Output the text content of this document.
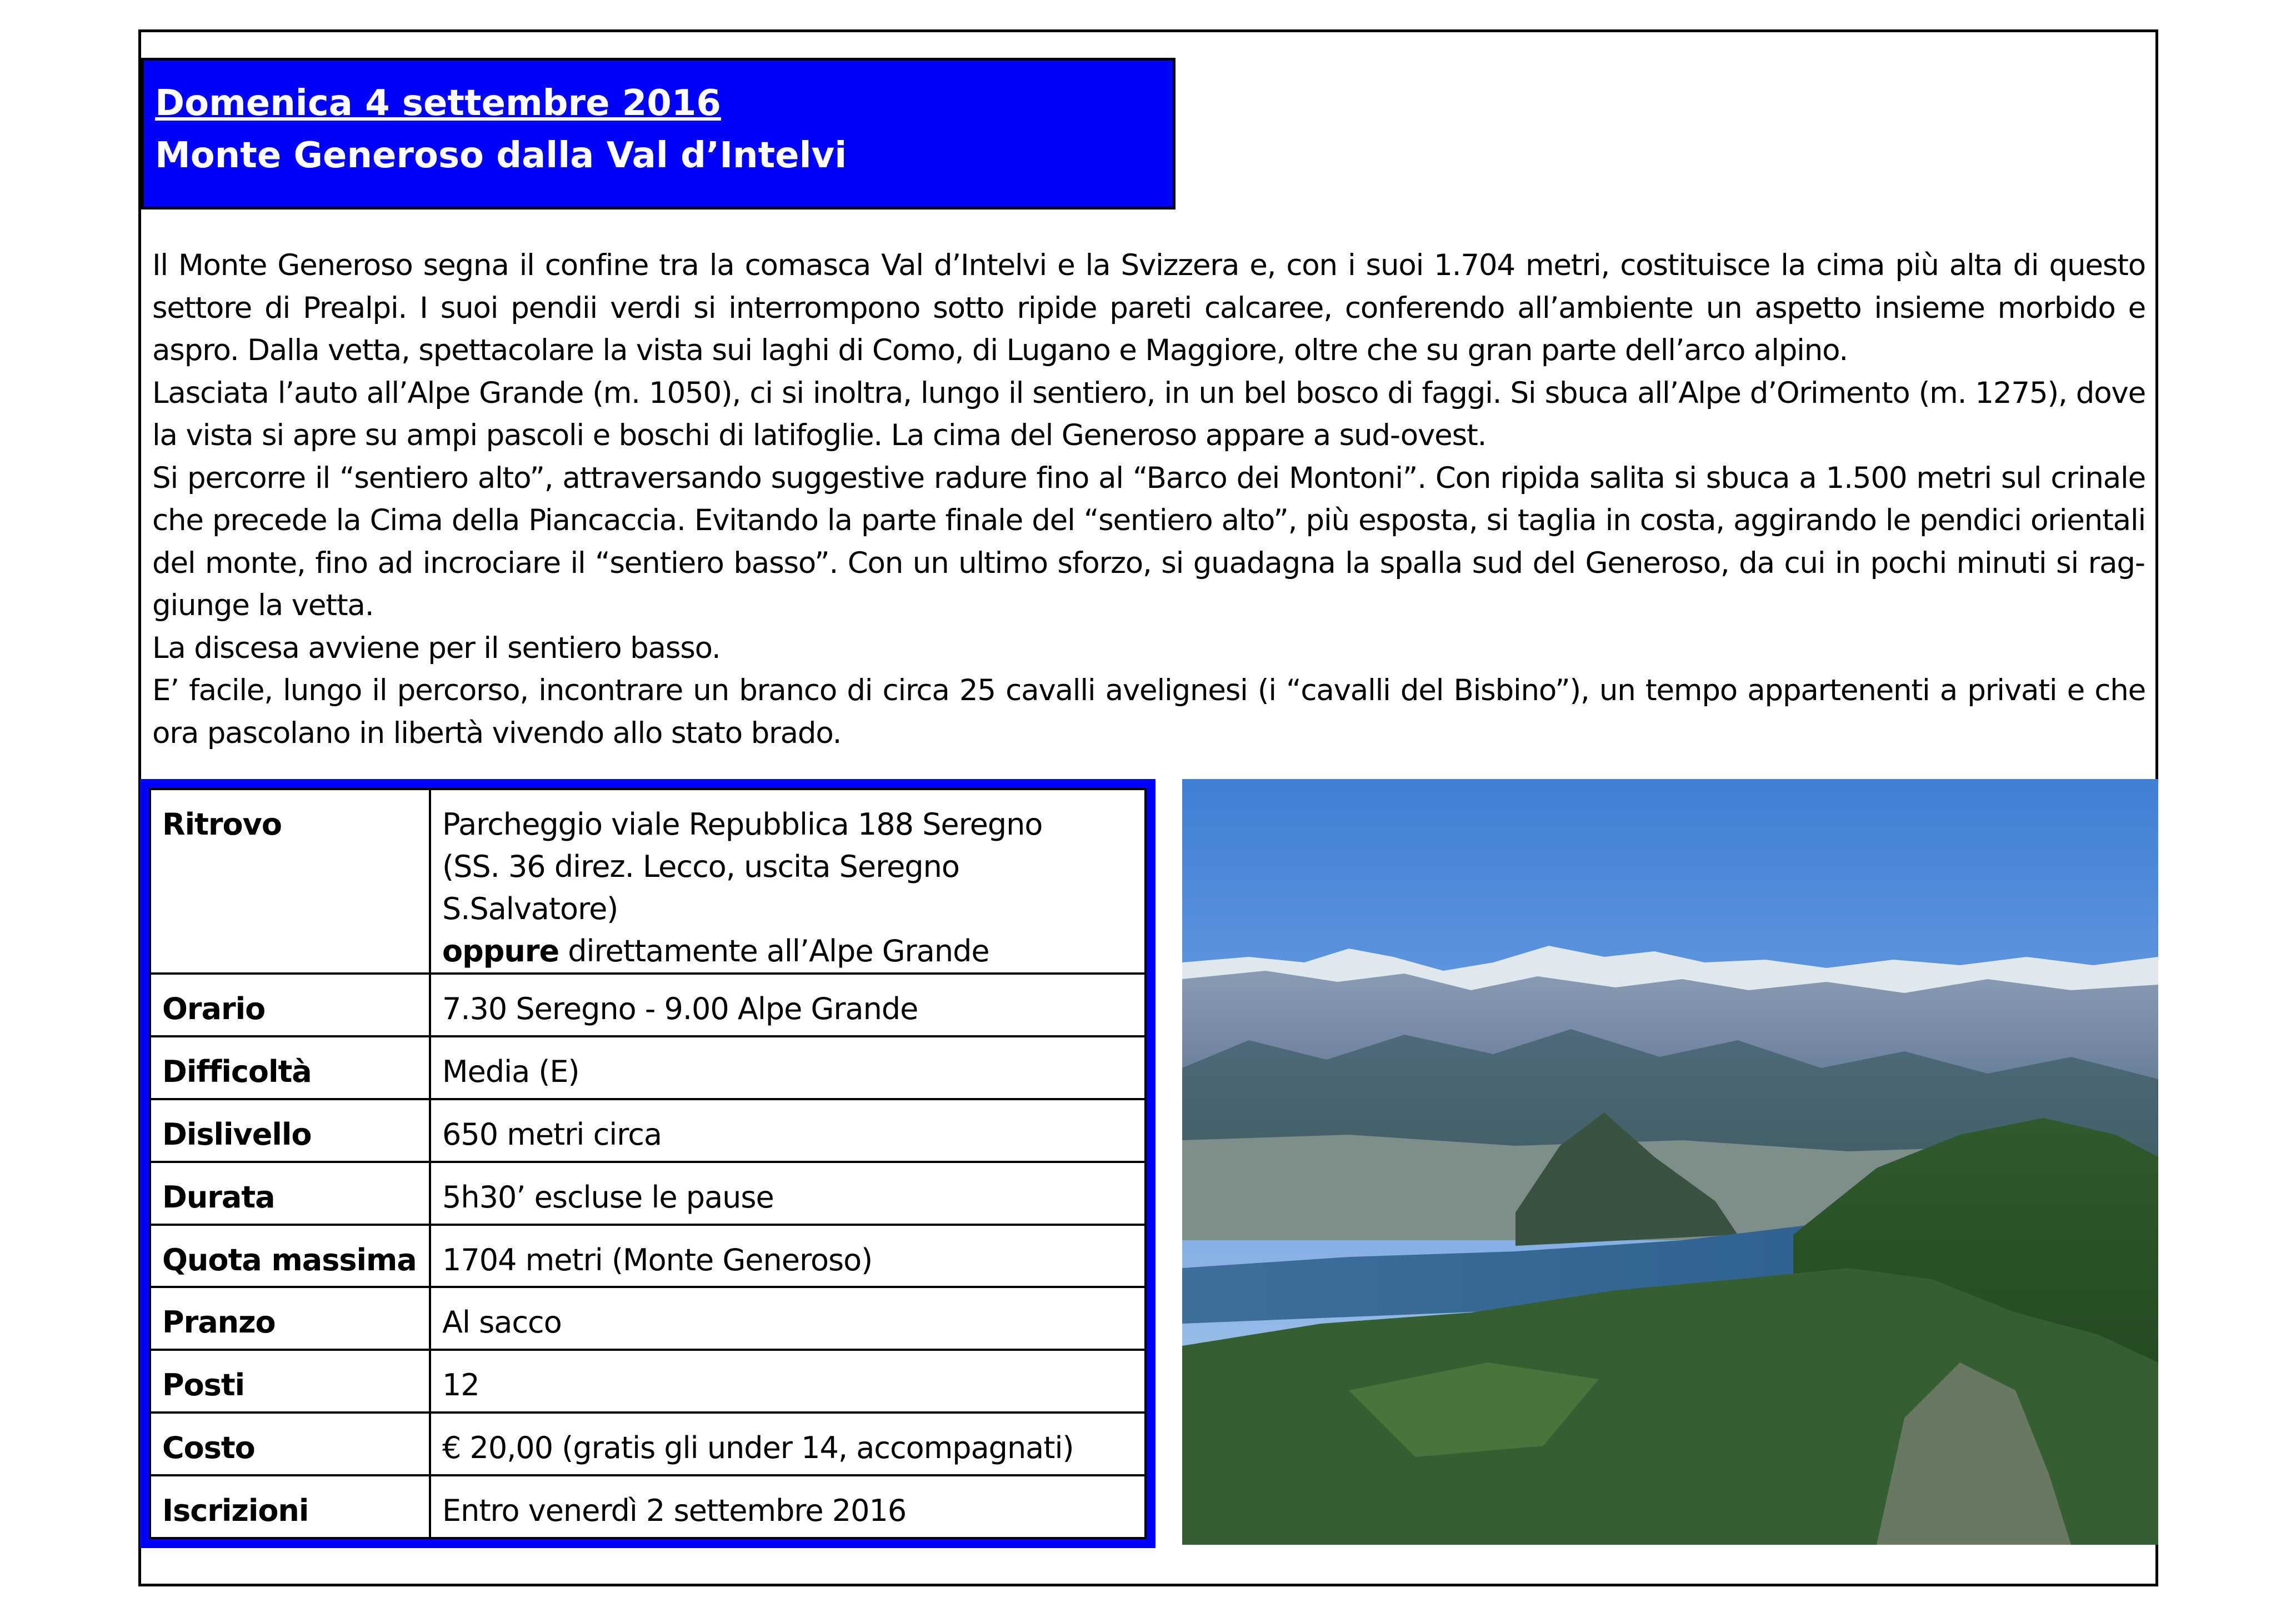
Domenica 4 settembre 2016
Monte Generoso dalla Val d’Intelvi

Il Monte Generoso segna il confine tra la comasca Val d’Intelvi e la Svizzera e, con i suoi 1.704 metri, costituisce la cima più alta di questo settore di Prealpi. I suoi pendii verdi si interrompono sotto ripide pareti calcaree, conferendo all’ambiente un aspetto insieme morbido e aspro. Dalla vetta, spettacolare la vista sui laghi di Como, di Lugano e Maggiore, oltre che su gran parte dell’arco alpino.

Lasciata l’auto all’Alpe Grande (m. 1050), ci si inoltra, lungo il sentiero, in un bel bosco di faggi. Si sbuca all’Alpe d’Orimento (m. 1275), dove la vista si apre su ampi pascoli e boschi di latifoglie. La cima del Generoso appare a sud-ovest.

Si percorre il “sentiero alto”, attraversando suggestive radure fino al “Barco dei Montoni”. Con ripida salita si sbuca a 1.500 metri sul crinale che precede la Cima della Piancaccia. Evitando la parte finale del “sentiero alto”, più esposta, si taglia in costa, aggirando le pendici orientali del monte, fino ad incrociare il “sentiero basso”. Con un ultimo sforzo, si guadagna la spalla sud del Generoso, da cui in pochi minuti si raggiunge la vetta.

La discesa avviene per il sentiero basso.

E’ facile, lungo il percorso, incontrare un branco di circa 25 cavalli avelignesi (i “cavalli del Bisbino”), un tempo appartenenti a privati e che ora pascolano in libertà vivendo allo stato brado.

Ritrovo	Parcheggio viale Repubblica 188 Seregno
(SS. 36 direz. Lecco, uscita Seregno S.Salvatore)
oppure direttamente all’Alpe Grande

Orario	7.30 Seregno - 9.00 Alpe Grande
Difficoltà	Media (E)
Dislivello	650 metri circa
Durata	5h30’ escluse le pause
Quota massima	1704 metri (Monte Generoso)
Pranzo	Al sacco
Posti	12
Costo	€ 20,00 (gratis gli under 14, accompagnati)
Iscrizioni	Entro venerdì 2 settembre 2016
